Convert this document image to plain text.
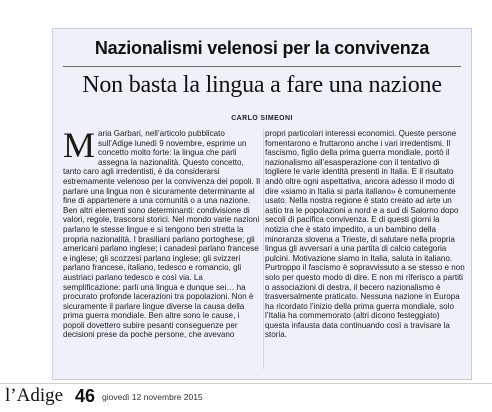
Nazionalismi velenosi per la convivenza
Non basta la lingua a fare una nazione
CARLO SIMEONI
Maria Garbari, nell’articolo pubblicato sull’Adige lunedì 9 novembre, esprime un concetto molto forte: la lingua che parli assegna la nazionalità. Questo concetto, tanto caro agli irredentisti, è da considerarsi estremamente velenoso per la convivenza dei popoli. Il parlare una lingua non è sicuramente determinante al fine di appartenere a una comunità o a una nazione. Ben altri elementi sono determinanti: condivisione di valori, regole, trascorsi storici. Nel mondo varie nazioni parlano le stesse lingue e si tengono ben stretta la propria nazionalità. I brasiliani parlano portoghese; gli americani parlano inglese; i canadesi parlano francese e inglese; gli scozzesi parlano inglese; gli svizzeri parlano francese, italiano, tedesco e romancio, gli austriaci parlano tedesco e così via. La semplificazione: parli una lingua e dunque sei… ha procurato profonde lacerazioni tra popolazioni. Non è sicuramente il parlare lingue diverse la causa della prima guerra mondiale. Ben altre sono le cause, i popoli dovettero subire pesanti conseguenze per decisioni prese da poche persone, che avevano
propri particolari interessi economici. Queste persone fomentarono e fruttarono anche i vari irredentismi. Il fascismo, figlio della prima guerra mondiale, portò il nazionalismo all’esasperazione con il tentativo di togliere le varie identità presenti in Italia. E il risultato andò oltre ogni aspettativa, ancora adesso il modo di dire «siamo in Italia si parla italiano» è comunemente usato. Nella nostra regione è stato creato ad arte un astio tra le popolazioni a nord e a sud di Salorno dopo secoli di pacifica convivenza. E di questi giorni la notizia che è stato impedito, a un bambino della minoranza slovena a Trieste, di salutare nella propria lingua gli avversari a una partita di calcio categoria pulcini. Motivazione siamo in Italia, saluta in italiano. Purtroppo il fascismo è sopravvissuto a se stesso e non solo per questo modo di dire. E non mi riferisco a partiti o associazioni di destra, il becero nazionalismo è trasversalmente praticato. Nessuna nazione in Europa ha ricordato l’inizio della prima guerra mondiale, solo l’Italia ha commemorato (altri dicono festeggiato) questa infausta data continuando così a travisare la storia.
l’Adige 46 giovedì 12 novembre 2015
